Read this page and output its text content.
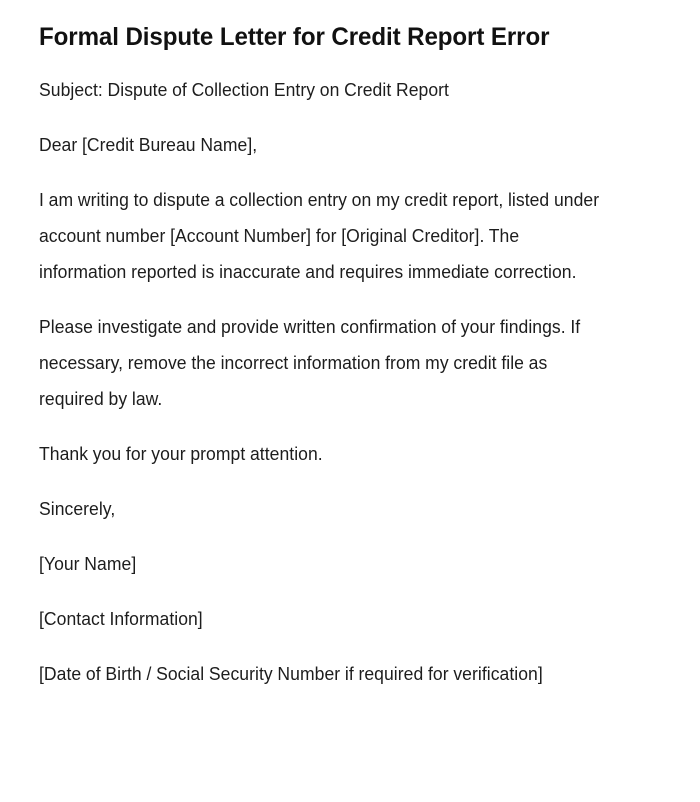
Formal Dispute Letter for Credit Report Error

Subject: Dispute of Collection Entry on Credit Report

Dear [Credit Bureau Name],

I am writing to dispute a collection entry on my credit report, listed under account number [Account Number] for [Original Creditor]. The information reported is inaccurate and requires immediate correction.

Please investigate and provide written confirmation of your findings. If necessary, remove the incorrect information from my credit file as required by law.

Thank you for your prompt attention.

Sincerely,

[Your Name]

[Contact Information]

[Date of Birth / Social Security Number if required for verification]
